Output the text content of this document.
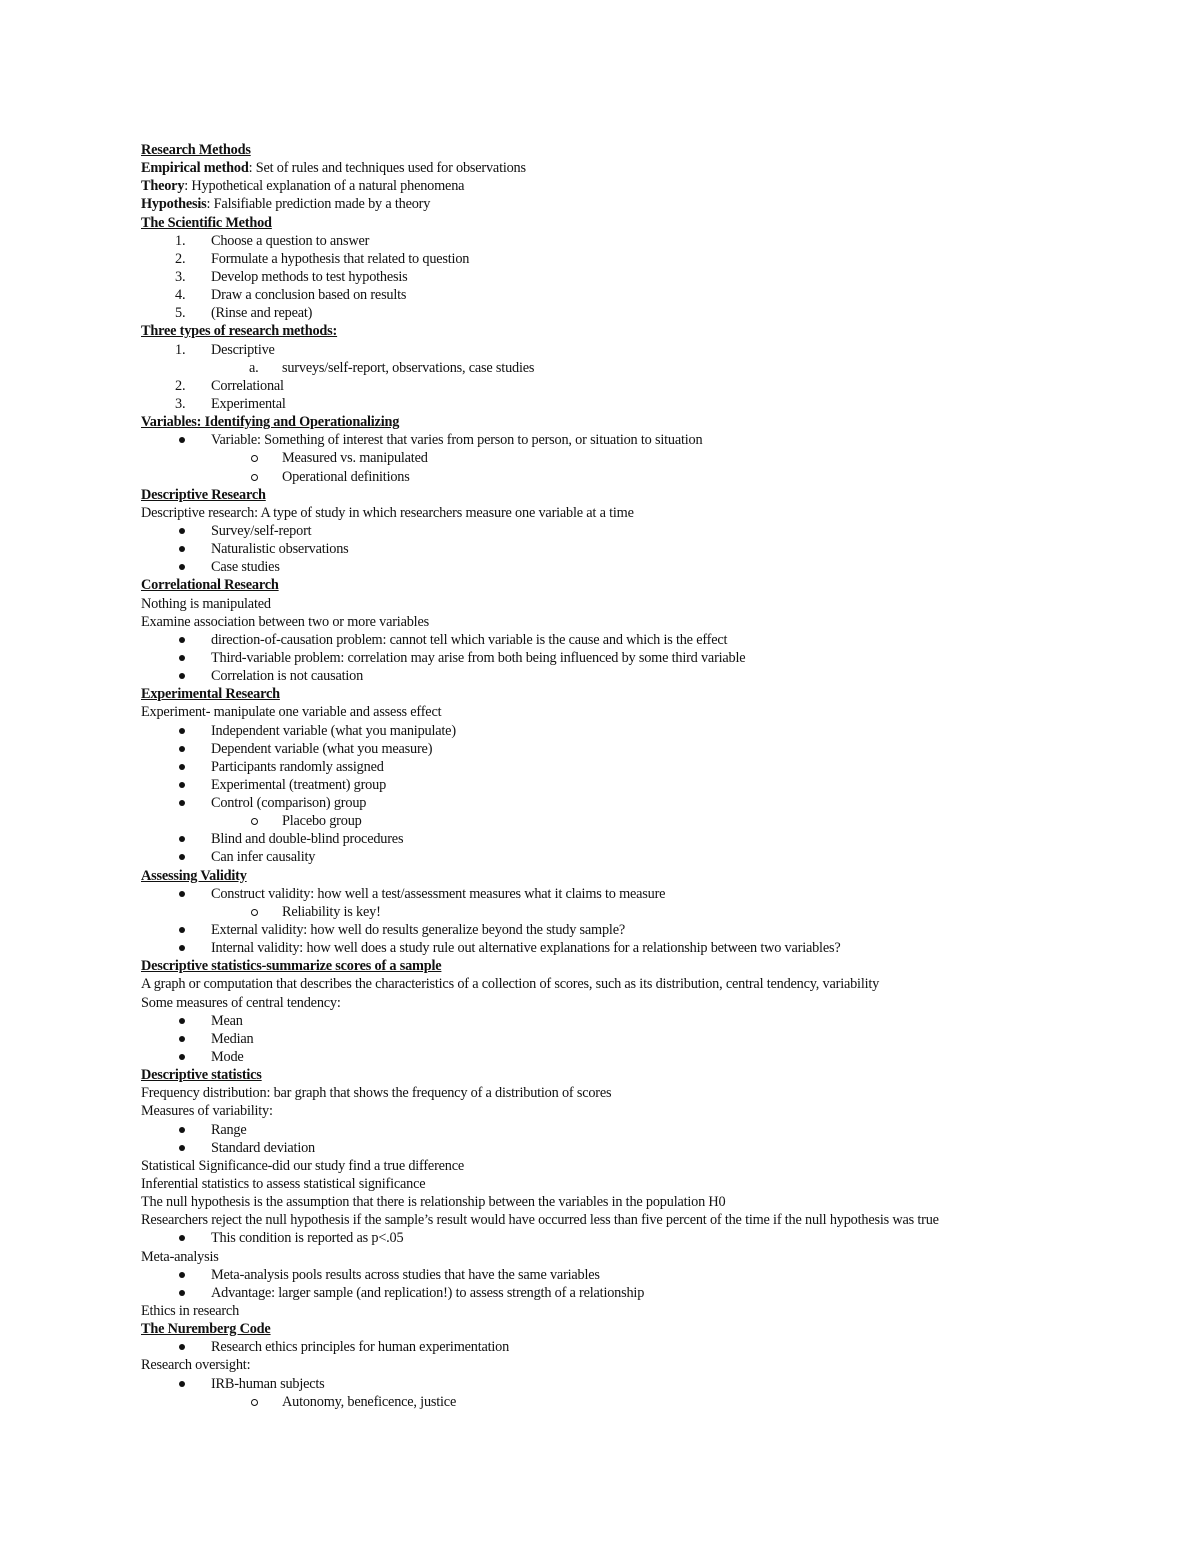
Research Methods
Empirical method: Set of rules and techniques used for observations
Theory: Hypothetical explanation of a natural phenomena
Hypothesis: Falsifiable prediction made by a theory
The Scientific Method
1. Choose a question to answer
2. Formulate a hypothesis that related to question
3. Develop methods to test hypothesis
4. Draw a conclusion based on results
5. (Rinse and repeat)
Three types of research methods:
1. Descriptive
a. surveys/self-report, observations, case studies
2. Correlational
3. Experimental
Variables: Identifying and Operationalizing
Variable: Something of interest that varies from person to person, or situation to situation
Measured vs. manipulated
Operational definitions
Descriptive Research
Descriptive research: A type of study in which researchers measure one variable at a time
Survey/self-report
Naturalistic observations
Case studies
Correlational Research
Nothing is manipulated
Examine association between two or more variables
direction-of-causation problem: cannot tell which variable is the cause and which is the effect
Third-variable problem: correlation may arise from both being influenced by some third variable
Correlation is not causation
Experimental Research
Experiment- manipulate one variable and assess effect
Independent variable (what you manipulate)
Dependent variable (what you measure)
Participants randomly assigned
Experimental (treatment) group
Control (comparison) group
Placebo group
Blind and double-blind procedures
Can infer causality
Assessing Validity
Construct validity: how well a test/assessment measures what it claims to measure
Reliability is key!
External validity: how well do results generalize beyond the study sample?
Internal validity: how well does a study rule out alternative explanations for a relationship between two variables?
Descriptive statistics-summarize scores of a sample
A graph or computation that describes the characteristics of a collection of scores, such as its distribution, central tendency, variability
Some measures of central tendency:
Mean
Median
Mode
Descriptive statistics
Frequency distribution: bar graph that shows the frequency of a distribution of scores
Measures of variability:
Range
Standard deviation
Statistical Significance-did our study find a true difference
Inferential statistics to assess statistical significance
The null hypothesis is the assumption that there is relationship between the variables in the population H0
Researchers reject the null hypothesis if the sample’s result would have occurred less than five percent of the time if the null hypothesis was true
This condition is reported as p<.05
Meta-analysis
Meta-analysis pools results across studies that have the same variables
Advantage: larger sample (and replication!) to assess strength of a relationship
Ethics in research
The Nuremberg Code
Research ethics principles for human experimentation
Research oversight:
IRB-human subjects
Autonomy, beneficence, justice
